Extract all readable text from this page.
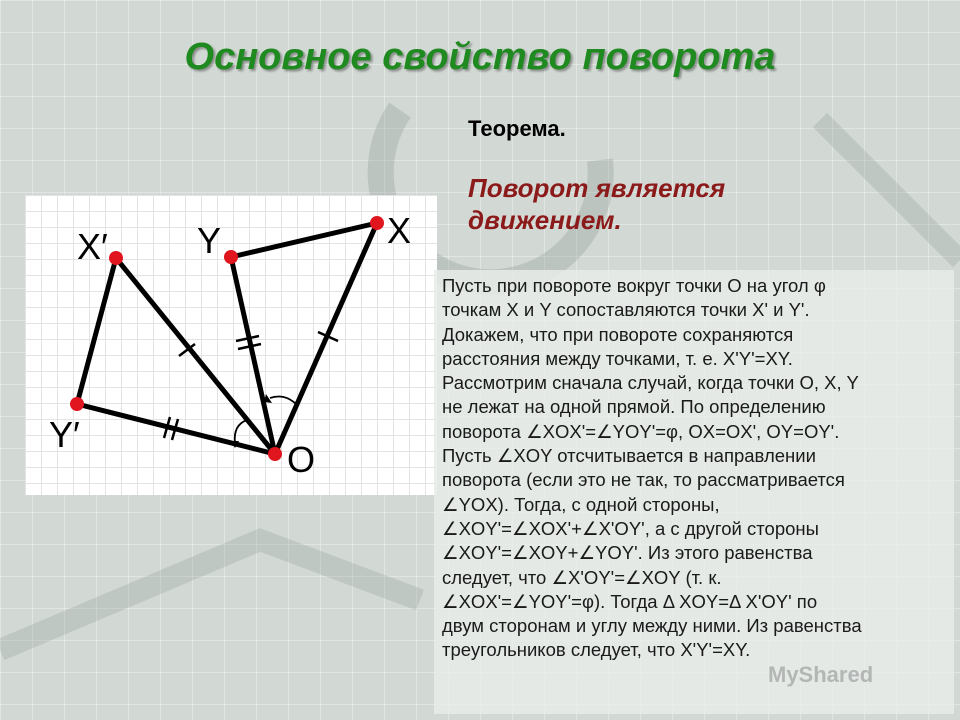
Основное свойство поворота
Теорема.
Поворот является
движением.
O
X
Y
X′
Y′
Пусть при повороте вокруг точки O на угол φ
точкам X и Y сопоставляются точки X' и Y'.
Докажем, что при повороте сохраняются
расстояния между точками, т. е. X'Y'=XY.
Рассмотрим сначала случай, когда точки O, X, Y
не лежат на одной прямой. По определению
поворота ∠XOX'=∠YOY'=φ, OX=OX', OY=OY'.
Пусть ∠XOY отсчитывается в направлении
поворота (если это не так, то рассматривается
∠YOX). Тогда, с одной стороны,
∠XOY'=∠XOX'+∠X'OY', а с другой стороны
∠XOY'=∠XOY+∠YOY'. Из этого равенства
следует, что ∠X'OY'=∠XOY (т. к.
∠XOX'=∠YOY'=φ). Тогда Δ XOY=Δ X'OY' по
двум сторонам и углу между ними. Из равенства
треугольников следует, что X'Y'=XY.
MyShared
